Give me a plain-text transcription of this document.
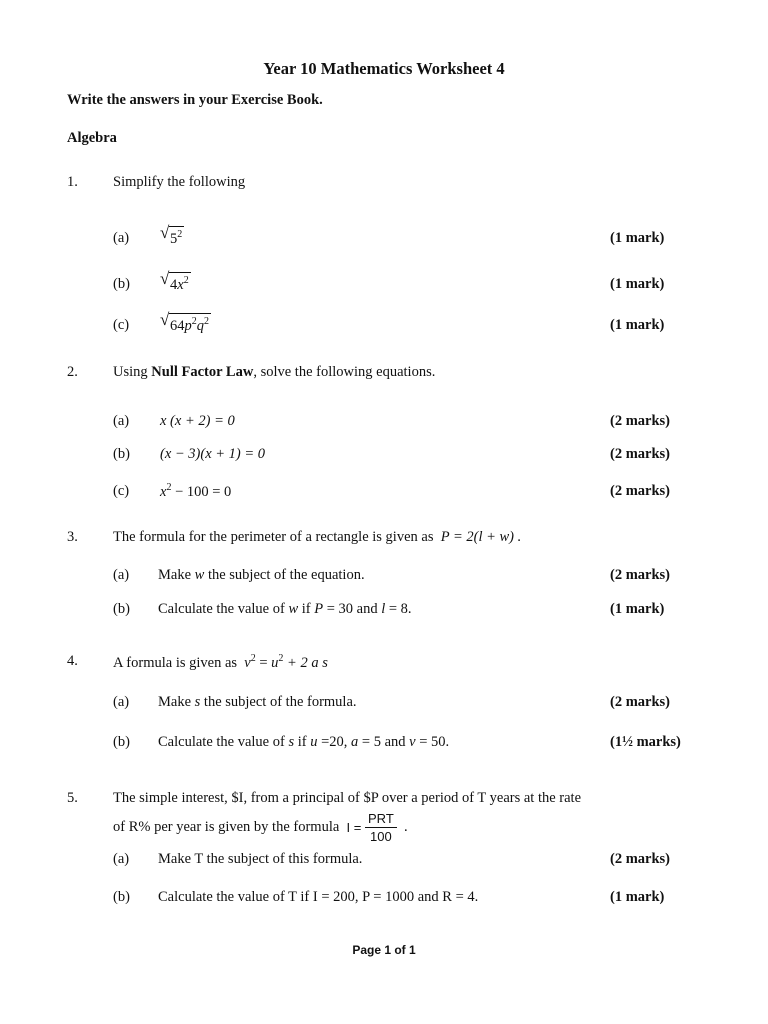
Year 10 Mathematics Worksheet 4
Write the answers in your Exercise Book.
Algebra
1. Simplify the following
(a) √ $5^2$	(1 mark)
(b) √ $4x^2$	(1 mark)
(c) √ $64p^2q^2$	(1 mark)
2. Using Null Factor Law, solve the following equations.
(a) x (x + 2) = 0	(2 marks)
(b) (x − 3)(x + 1) = 0	(2 marks)
(c) $x^2 - 100 = 0$	(2 marks)
3. The formula for the perimeter of a rectangle is given as P = 2(l + w) .
(a) Make w the subject of the equation.	(2 marks)
(b) Calculate the value of w if P = 30 and l = 8.	(1 mark)
4. A formula is given as $v^2 = u^2 + 2$ a s
(a) Make s the subject of the formula.	(2 marks)
(b) Calculate the value of s if u =20, a = 5 and v = 50.	(1½ marks)
5. The simple interest, $I, from a principal of $P over a period of T years at the rate
of R% per year is given by the formula $I = \frac{\text{PRT}}{100}$ .
(a) Make T the subject of this formula.	(2 marks)
(b) Calculate the value of T if I = 200, P = 1000 and R = 4.	(1 mark)
Page 1 of 1
